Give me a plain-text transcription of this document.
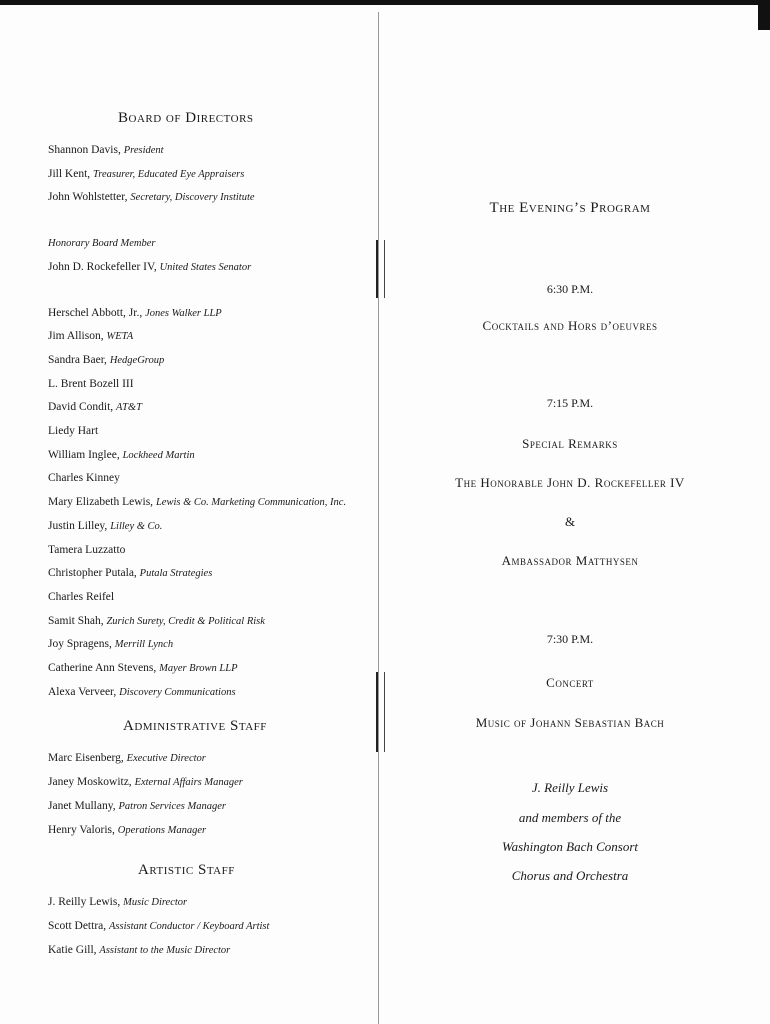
Board of Directors
Shannon Davis, President
Jill Kent, Treasurer, Educated Eye Appraisers
John Wohlstetter, Secretary, Discovery Institute
Honorary Board Member
John D. Rockefeller IV, United States Senator
Herschel Abbott, Jr., Jones Walker LLP
Jim Allison, WETA
Sandra Baer, HedgeGroup
L. Brent Bozell III
David Condit, AT&T
Liedy Hart
William Inglee, Lockheed Martin
Charles Kinney
Mary Elizabeth Lewis, Lewis & Co. Marketing Communication, Inc.
Justin Lilley, Lilley & Co.
Tamera Luzzatto
Christopher Putala, Putala Strategies
Charles Reifel
Samit Shah, Zurich Surety, Credit & Political Risk
Joy Spragens, Merrill Lynch
Catherine Ann Stevens, Mayer Brown LLP
Alexa Verveer, Discovery Communications
Administrative Staff
Marc Eisenberg, Executive Director
Janey Moskowitz, External Affairs Manager
Janet Mullany, Patron Services Manager
Henry Valoris, Operations Manager
Artistic Staff
J. Reilly Lewis, Music Director
Scott Dettra, Assistant Conductor / Keyboard Artist
Katie Gill, Assistant to the Music Director
The Evening’s Program
6:30 P.M.
Cocktails and Hors d’oeuvres
7:15 P.M.
Special Remarks
The Honorable John D. Rockefeller IV
&
Ambassador Matthysen
7:30 P.M.
Concert
Music of Johann Sebastian Bach
J. Reilly Lewis
and members of the
Washington Bach Consort
Chorus and Orchestra
